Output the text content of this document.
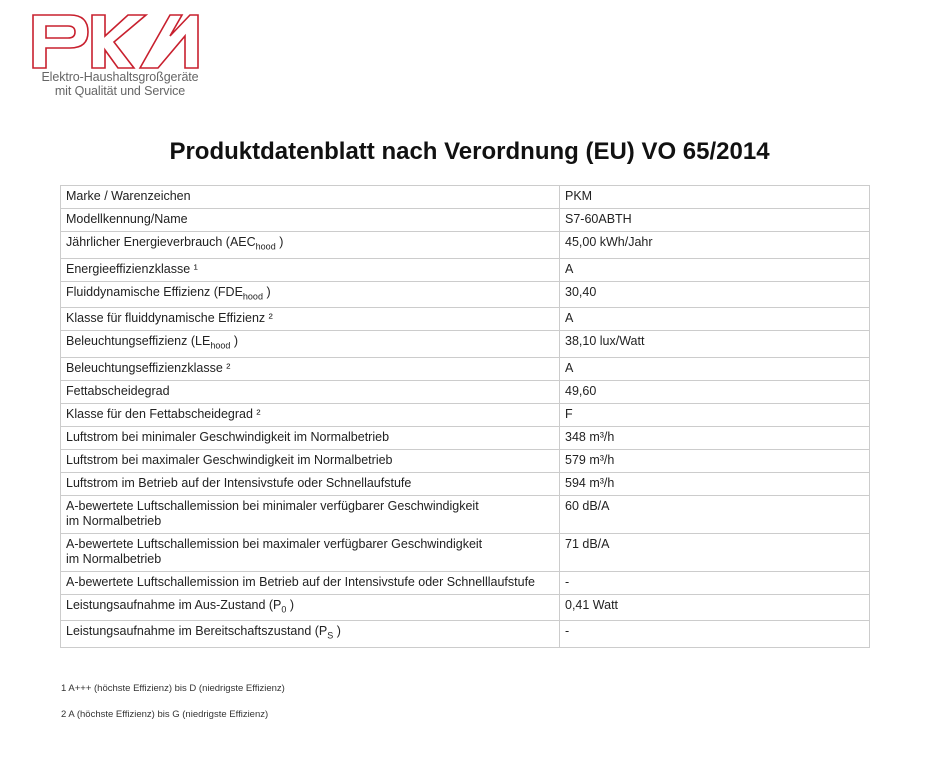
Elektro-Haushaltsgroßgeräte
mit Qualität und Service
Produktdatenblatt nach Verordnung (EU) VO 65/2014
Marke / Warenzeichen	PKM
Modellkennung/Name	S7-60ABTH
Jährlicher Energieverbrauch ($AEC_{hood}$ )	45,00 kWh/Jahr
Energieeffizienzklasse ¹	A
Fluiddynamische Effizienz ($FDE_{hood}$ )	30,40
Klasse für fluiddynamische Effizienz ²	A
Beleuchtungseffizienz ($LE_{hood}$ )	38,10 lux/Watt
Beleuchtungseffizienzklasse ²	A
Fettabscheidegrad	49,60
Klasse für den Fettabscheidegrad ²	F
Luftstrom bei minimaler Geschwindigkeit im Normalbetrieb	348 m³/h
Luftstrom bei maximaler Geschwindigkeit im Normalbetrieb	579 m³/h
Luftstrom im Betrieb auf der Intensivstufe oder Schnellaufstufe	594 m³/h
A-bewertete Luftschallemission bei minimaler verfügbarer Geschwindigkeit
im Normalbetrieb	60 dB/A
A-bewertete Luftschallemission bei maximaler verfügbarer Geschwindigkeit
im Normalbetrieb	71 dB/A
A-bewertete Luftschallemission im Betrieb auf der Intensivstufe oder Schnelllaufstufe	-
Leistungsaufnahme im Aus-Zustand ($P_0$ )	0,41 Watt
Leistungsaufnahme im Bereitschaftszustand ($P_S$ )	-
1 A+++ (höchste Effizienz) bis D (niedrigste Effizienz)
2 A (höchste Effizienz) bis G (niedrigste Effizienz)
